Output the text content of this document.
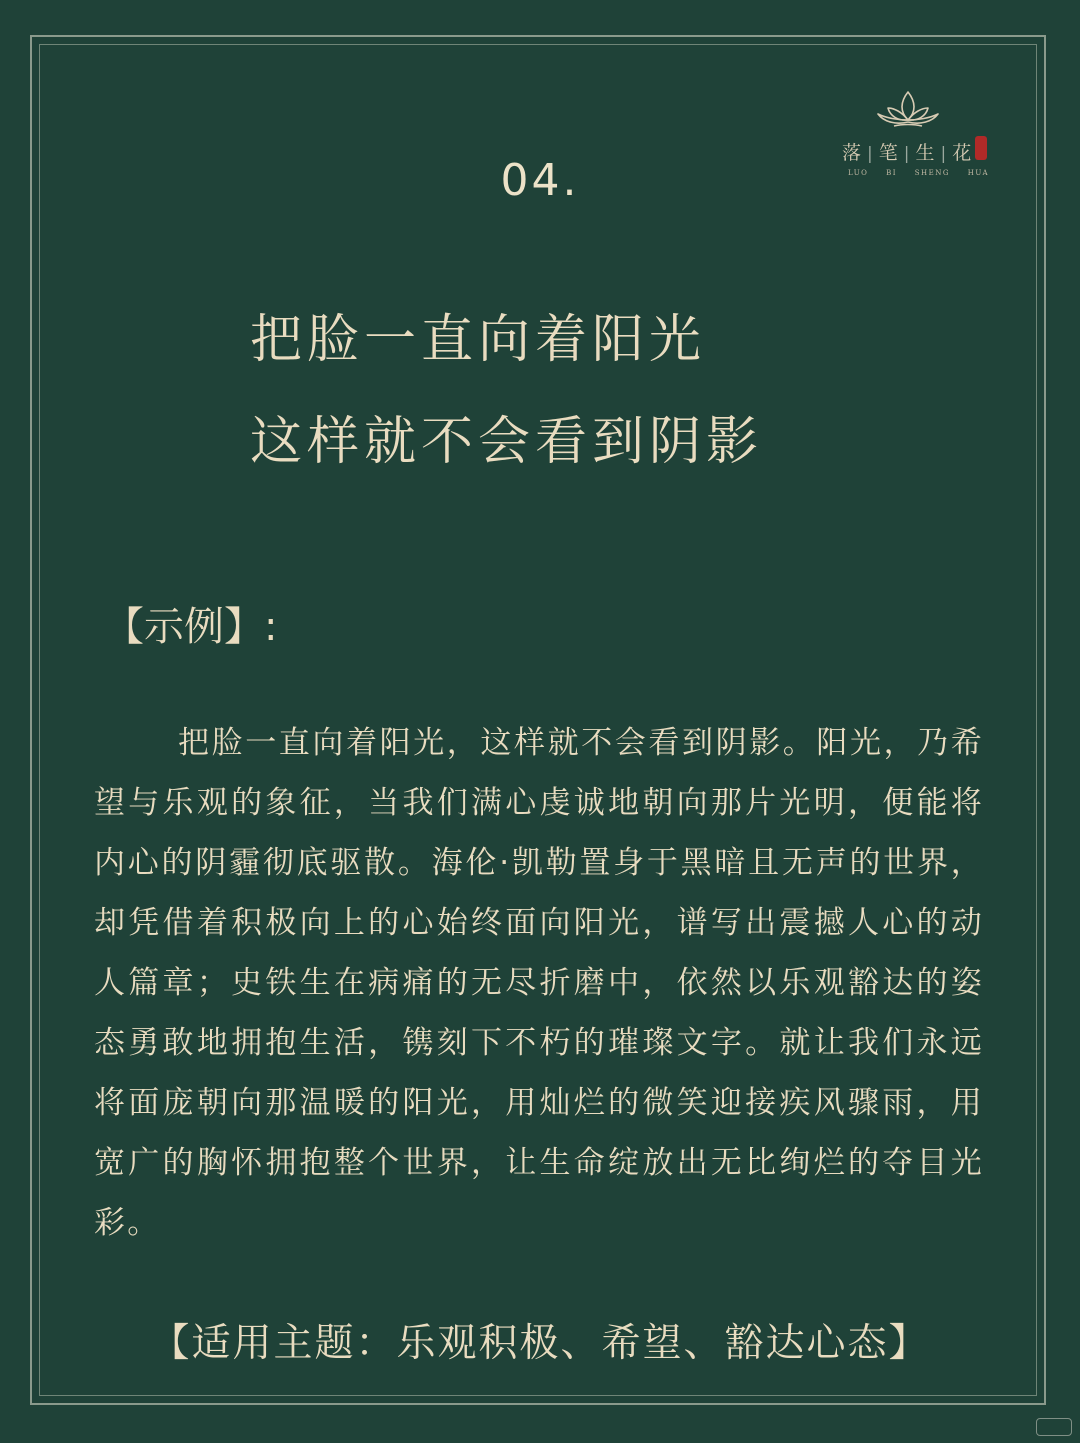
落 | 笔 | 生 | 花
LUO BI SHENG HUA
04.
把脸一直向着阳光
这样就不会看到阴影
【示例】:
把脸一直向着阳光，这样就不会看到阴影。阳光，乃希望与乐观的象征，当我们满心虔诚地朝向那片光明，便能将内心的阴霾彻底驱散。海伦·凯勒置身于黑暗且无声的世界，却凭借着积极向上的心始终面向阳光，谱写出震撼人心的动人篇章；史铁生在病痛的无尽折磨中，依然以乐观豁达的姿态勇敢地拥抱生活，镌刻下不朽的璀璨文字。就让我们永远将面庞朝向那温暖的阳光，用灿烂的微笑迎接疾风骤雨，用宽广的胸怀拥抱整个世界，让生命绽放出无比绚烂的夺目光彩。
【适用主题：乐观积极、希望、豁达心态】
